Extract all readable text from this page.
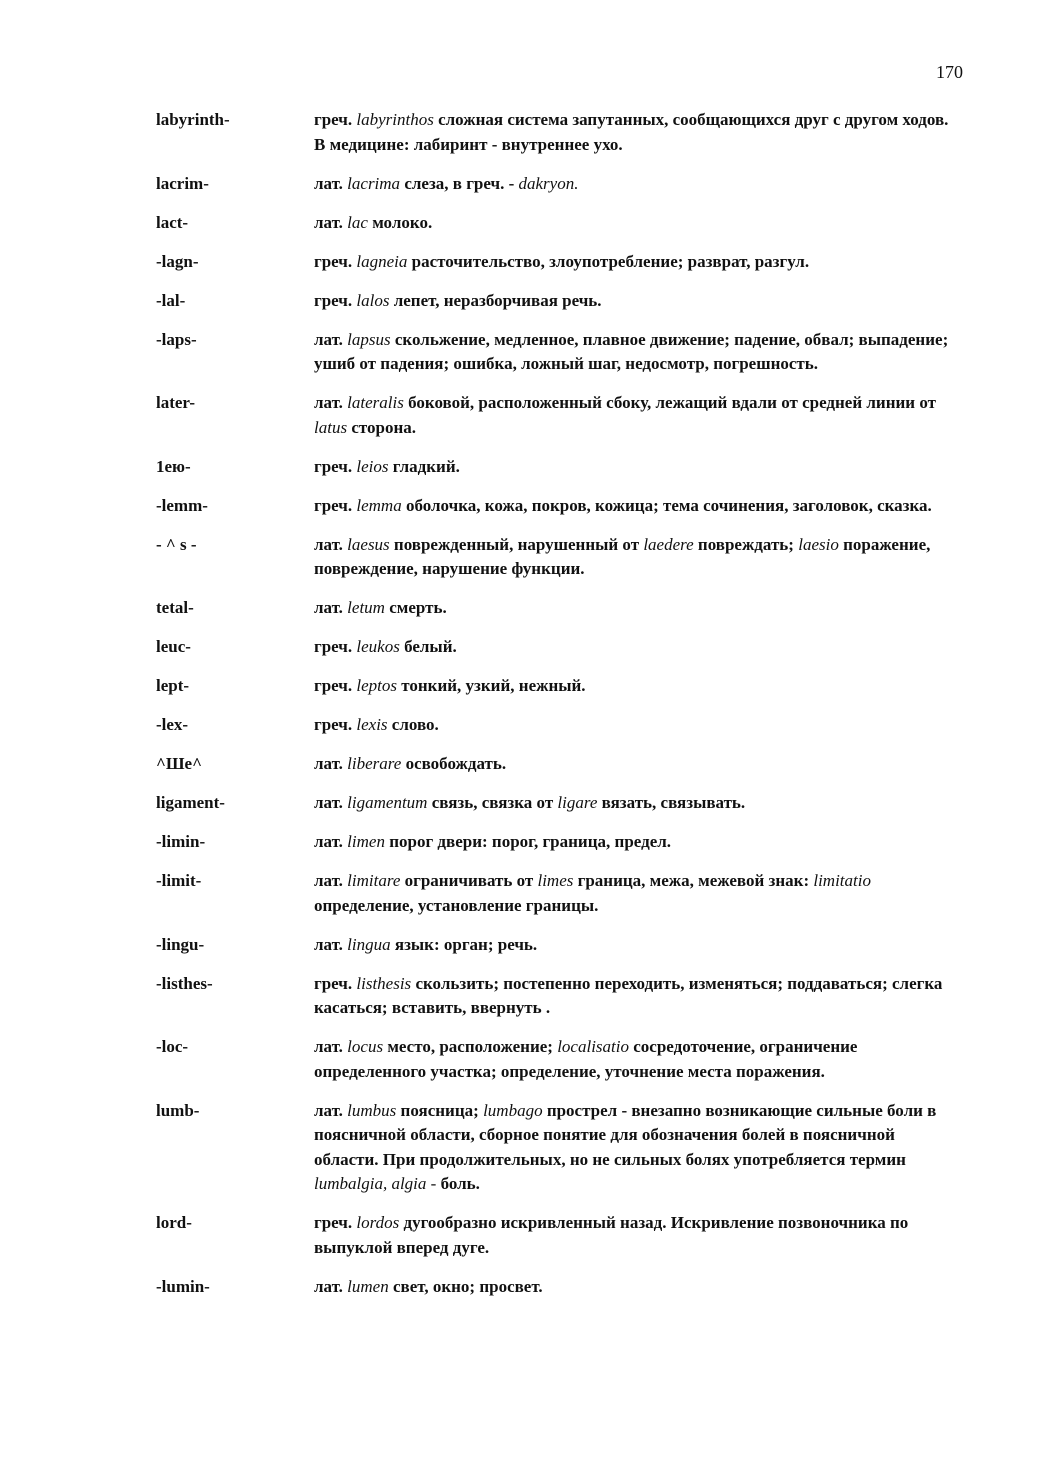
170
labyrinth-	греч. labyrinthos сложная система запутанных, сообщающихся друг с другом ходов. В медицине: лабиринт - внутреннее ухо.
lacrim-	лат. lacrima слеза, в греч. - dakryon.
lact-	лат. lac молоко.
-lagn-	греч. lagneia расточительство, злоупотребление; разврат, разгул.
-lal-	греч. lalos лепет, неразборчивая речь.
-laps-	лат. lapsus скольжение, медленное, плавное движение; падение, обвал; выпадение; ушиб от падения; ошибка, ложный шаг, недосмотр, погрешность.
later-	лат. lateralis боковой, расположенный сбоку, лежащий вдали от средней линии от latus сторона.
1ею-	греч. leios гладкий.
-lemm-	греч. lemma оболочка, кожа, покров, кожица; тема сочинения, заголовок, сказка.
- ^ s -	лат. laesus поврежденный, нарушенный от laedere повреждать; laesio поражение, повреждение, нарушение функции.
tetal-	лат. letum смерть.
leuc-	греч. leukos белый.
lept-	греч. leptos тонкий, узкий, нежный.
-lex-	греч. lexis слово.
^Ше^	лат. liberare освобождать.
ligament-	лат. ligamentum связь, связка от ligare вязать, связывать.
-limin-	лат. limen порог двери: порог, граница, предел.
-limit-	лат. limitare ограничивать от limes граница, межа, межевой знак: limitatio определение, установление границы.
-lingu-	лат. lingua язык: орган; речь.
-listhes-	греч. listhesis скользить; постепенно переходить, изменяться; поддаваться; слегка касаться; вставить, ввернуть .
-loc-	лат. locus место, расположение; localisatio сосредоточение, ограничение определенного участка; определение, уточнение места поражения.
lumb-	лат. lumbus поясница; lumbago прострел - внезапно возникающие сильные боли в поясничной области, сборное понятие для обозначения болей в поясничной области. При продолжительных, но не сильных болях употребляется термин lumbalgia, algia - боль.
lord-	греч. lordos дугообразно искривленный назад. Искривление позвоночника по выпуклой вперед дуге.
-lumin-	лат. lumen свет, окно; просвет.
